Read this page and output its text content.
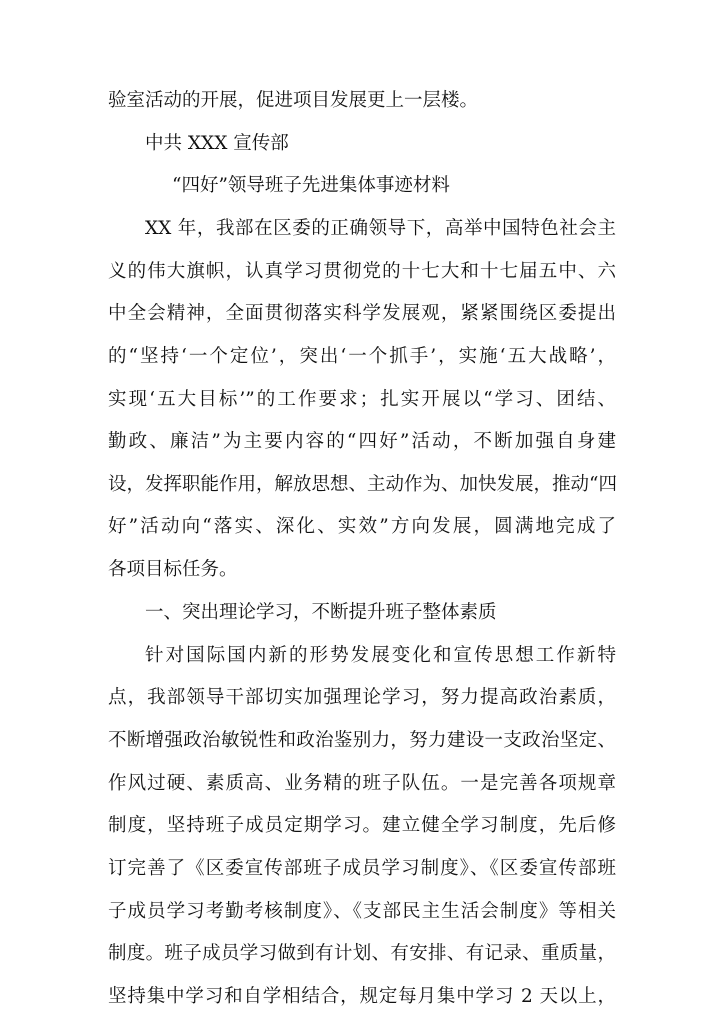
验室活动的开展，促进项目发展更上一层楼。
中共 XXX 宣传部
“四好”领导班子先进集体事迹材料
XX 年，我部在区委的正确领导下，高举中国特色社会主
义的伟大旗帜，认真学习贯彻党的十七大和十七届五中、六
中全会精神，全面贯彻落实科学发展观，紧紧围绕区委提出
的“坚持‘一个定位’，突出‘一个抓手’，实施‘五大战略’，
实现‘五大目标’”的工作要求；扎实开展以“学习、团结、
勤政、廉洁”为主要内容的“四好”活动，不断加强自身建
设，发挥职能作用，解放思想、主动作为、加快发展，推动“四
好”活动向“落实、深化、实效”方向发展，圆满地完成了
各项目标任务。
一、突出理论学习，不断提升班子整体素质
针对国际国内新的形势发展变化和宣传思想工作新特
点，我部领导干部切实加强理论学习，努力提高政治素质，
不断增强政治敏锐性和政治鉴别力，努力建设一支政治坚定、
作风过硬、素质高、业务精的班子队伍。一是完善各项规章
制度，坚持班子成员定期学习。建立健全学习制度，先后修
订完善了《区委宣传部班子成员学习制度》、《区委宣传部班
子成员学习考勤考核制度》、《支部民主生活会制度》等相关
制度。班子成员学习做到有计划、有安排、有记录、重质量，
坚持集中学习和自学相结合，规定每月集中学习 2 天以上，
